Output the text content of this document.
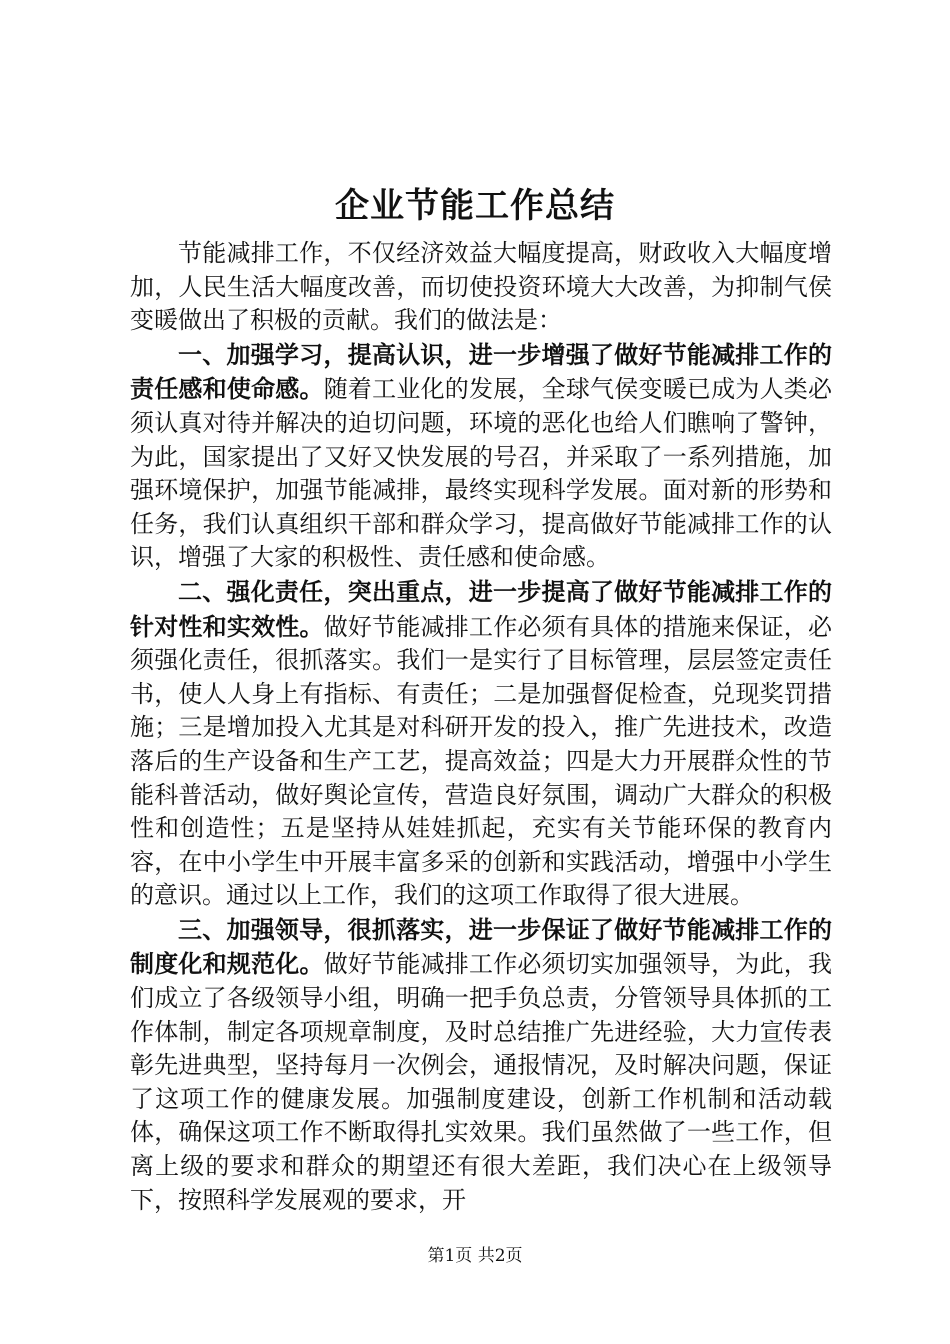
企业节能工作总结

节能减排工作，不仅经济效益大幅度提高，财政收入大幅度增加，人民生活大幅度改善，而切使投资环境大大改善，为抑制气侯变暖做出了积极的贡献。我们的做法是：

一、加强学习，提高认识，进一步增强了做好节能减排工作的责任感和使命感。随着工业化的发展，全球气侯变暖已成为人类必须认真对待并解决的迫切问题，环境的恶化也给人们瞧响了警钟，为此，国家提出了又好又快发展的号召，并采取了一系列措施，加强环境保护，加强节能减排，最终实现科学发展。面对新的形势和任务，我们认真组织干部和群众学习，提高做好节能减排工作的认识，增强了大家的积极性、责任感和使命感。

二、强化责任，突出重点，进一步提高了做好节能减排工作的针对性和实效性。做好节能减排工作必须有具体的措施来保证，必须强化责任，很抓落实。我们一是实行了目标管理，层层签定责任书，使人人身上有指标、有责任；二是加强督促检查，兑现奖罚措施；三是增加投入尤其是对科研开发的投入，推广先进技术，改造落后的生产设备和生产工艺，提高效益；四是大力开展群众性的节能科普活动，做好舆论宣传，营造良好氛围，调动广大群众的积极性和创造性；五是坚持从娃娃抓起，充实有关节能环保的教育内容，在中小学生中开展丰富多采的创新和实践活动，增强中小学生的意识。通过以上工作，我们的这项工作取得了很大进展。

三、加强领导，很抓落实，进一步保证了做好节能减排工作的制度化和规范化。做好节能减排工作必须切实加强领导，为此，我们成立了各级领导小组，明确一把手负总责，分管领导具体抓的工作体制，制定各项规章制度，及时总结推广先进经验，大力宣传表彰先进典型，坚持每月一次例会，通报情况，及时解决问题，保证了这项工作的健康发展。加强制度建设，创新工作机制和活动载体，确保这项工作不断取得扎实效果。我们虽然做了一些工作，但离上级的要求和群众的期望还有很大差距，我们决心在上级领导下，按照科学发展观的要求，开

第1页 共2页
